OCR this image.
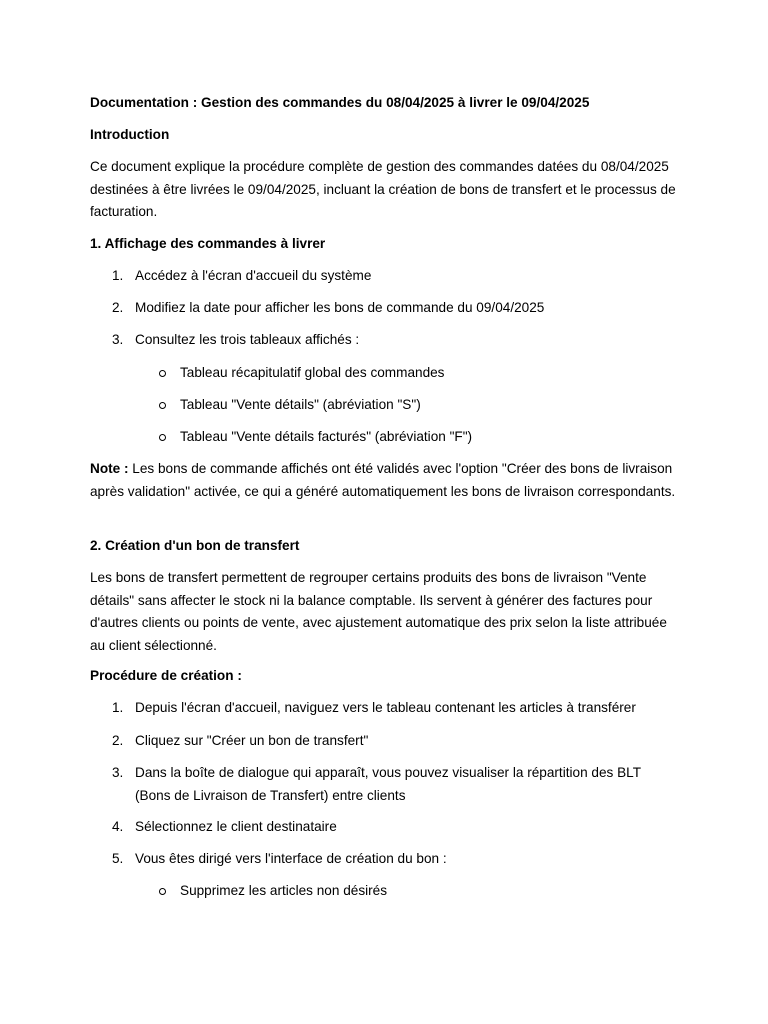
Documentation : Gestion des commandes du 08/04/2025 à livrer le 09/04/2025

Introduction

Ce document explique la procédure complète de gestion des commandes datées du 08/04/2025 destinées à être livrées le 09/04/2025, incluant la création de bons de transfert et le processus de facturation.

1. Affichage des commandes à livrer

1. Accédez à l'écran d'accueil du système
2. Modifiez la date pour afficher les bons de commande du 09/04/2025
3. Consultez les trois tableaux affichés :
Tableau récapitulatif global des commandes
Tableau "Vente détails" (abréviation "S")
Tableau "Vente détails facturés" (abréviation "F")

Note : Les bons de commande affichés ont été validés avec l'option "Créer des bons de livraison après validation" activée, ce qui a généré automatiquement les bons de livraison correspondants.

2. Création d'un bon de transfert

Les bons de transfert permettent de regrouper certains produits des bons de livraison "Vente détails" sans affecter le stock ni la balance comptable. Ils servent à générer des factures pour d'autres clients ou points de vente, avec ajustement automatique des prix selon la liste attribuée au client sélectionné.

Procédure de création :

1. Depuis l'écran d'accueil, naviguez vers le tableau contenant les articles à transférer
2. Cliquez sur "Créer un bon de transfert"
3. Dans la boîte de dialogue qui apparaît, vous pouvez visualiser la répartition des BLT (Bons de Livraison de Transfert) entre clients
4. Sélectionnez le client destinataire
5. Vous êtes dirigé vers l'interface de création du bon :
Supprimez les articles non désirés
